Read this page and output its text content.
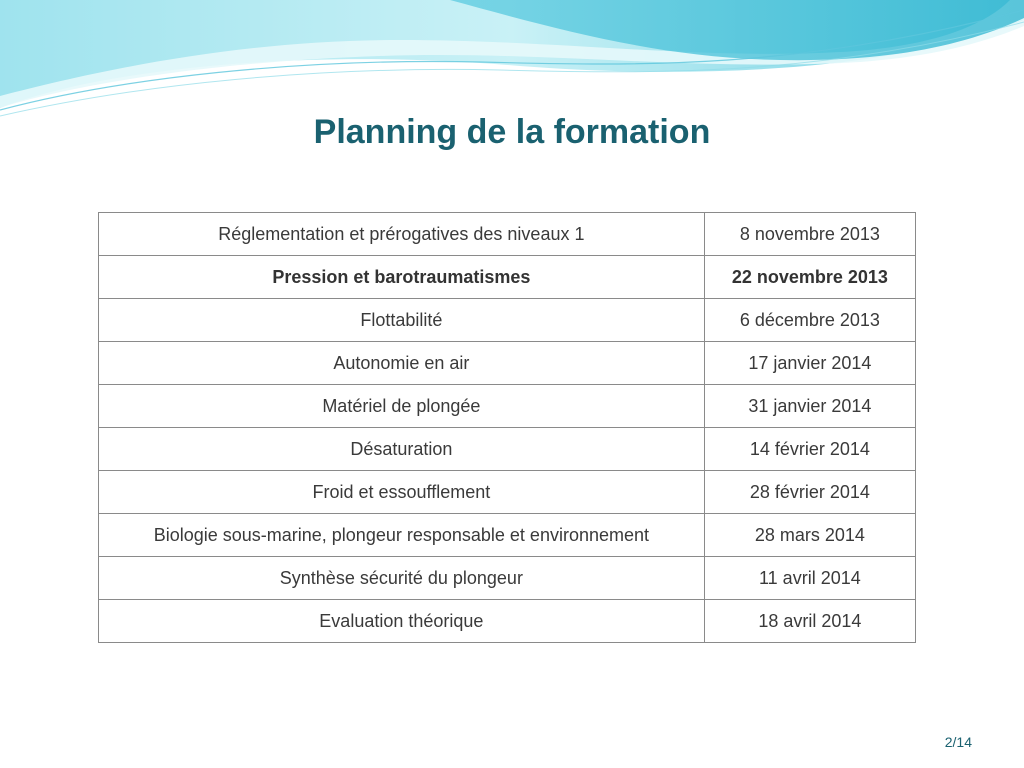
Planning de la formation
Réglementation et prérogatives des niveaux 1	8 novembre 2013
Pression et barotraumatismes	22 novembre 2013
Flottabilité	6 décembre 2013
Autonomie en air	17 janvier 2014
Matériel de plongée	31 janvier 2014
Désaturation	14 février 2014
Froid et essoufflement	28 février 2014
Biologie sous-marine, plongeur responsable et environnement	28 mars 2014
Synthèse sécurité du plongeur	11 avril 2014
Evaluation théorique	18 avril 2014
2/14
